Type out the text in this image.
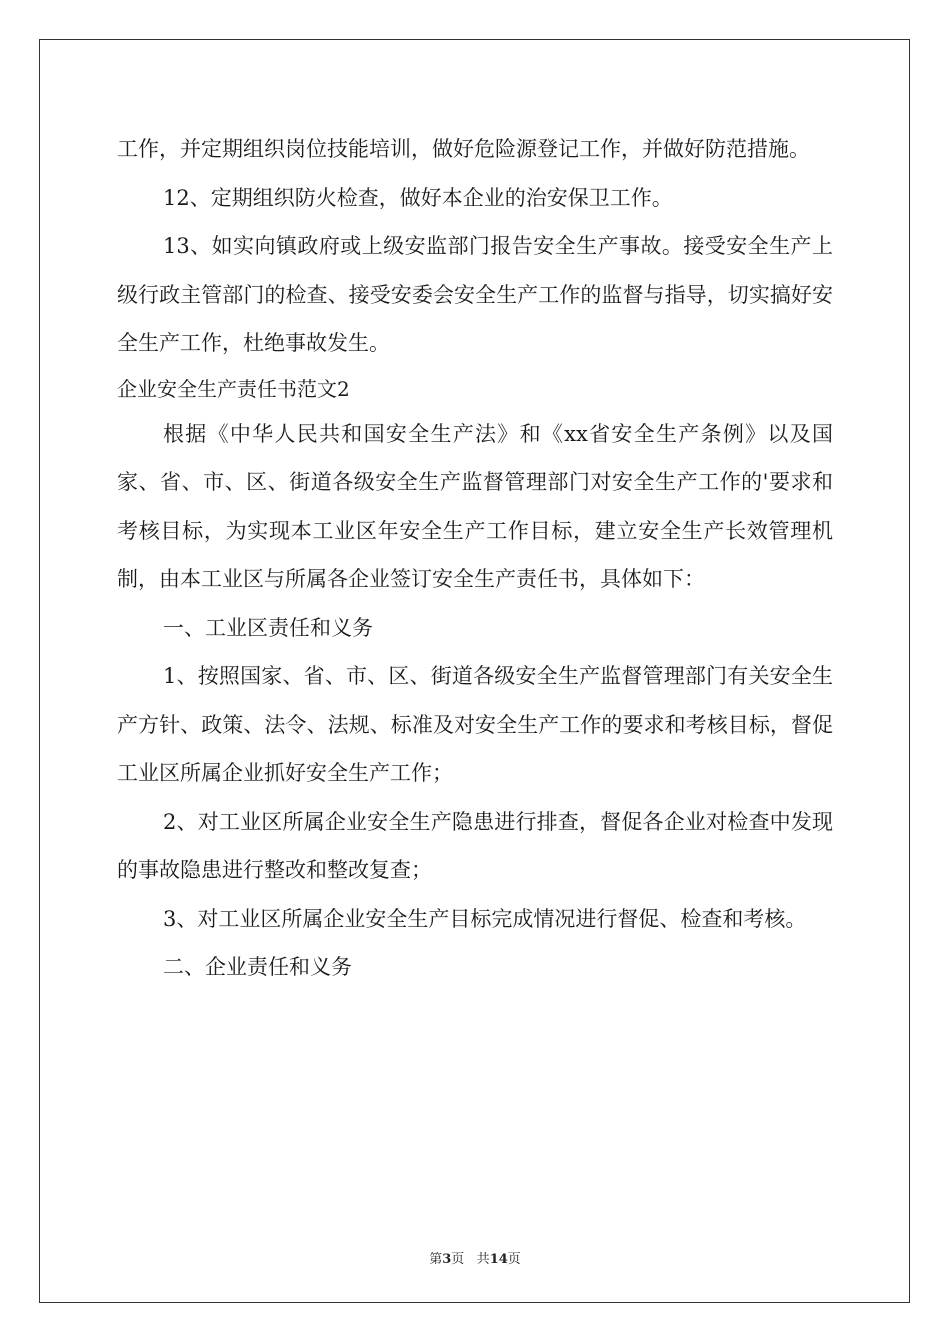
工作，并定期组织岗位技能培训，做好危险源登记工作，并做好防范措施。

12、定期组织防火检查，做好本企业的治安保卫工作。

13、如实向镇政府或上级安监部门报告安全生产事故。接受安全生产上级行政主管部门的检查、接受安委会安全生产工作的监督与指导，切实搞好安全生产工作，杜绝事故发生。

企业安全生产责任书范文2

根据《中华人民共和国安全生产法》和《xx省安全生产条例》以及国家、省、市、区、街道各级安全生产监督管理部门对安全生产工作的'要求和考核目标，为实现本工业区年安全生产工作目标，建立安全生产长效管理机制，由本工业区与所属各企业签订安全生产责任书，具体如下：

一、工业区责任和义务

1、按照国家、省、市、区、街道各级安全生产监督管理部门有关安全生产方针、政策、法令、法规、标准及对安全生产工作的要求和考核目标，督促工业区所属企业抓好安全生产工作；

2、对工业区所属企业安全生产隐患进行排查，督促各企业对检查中发现的事故隐患进行整改和整改复查；

3、对工业区所属企业安全生产目标完成情况进行督促、检查和考核。

二、企业责任和义务

第3页 共14页
